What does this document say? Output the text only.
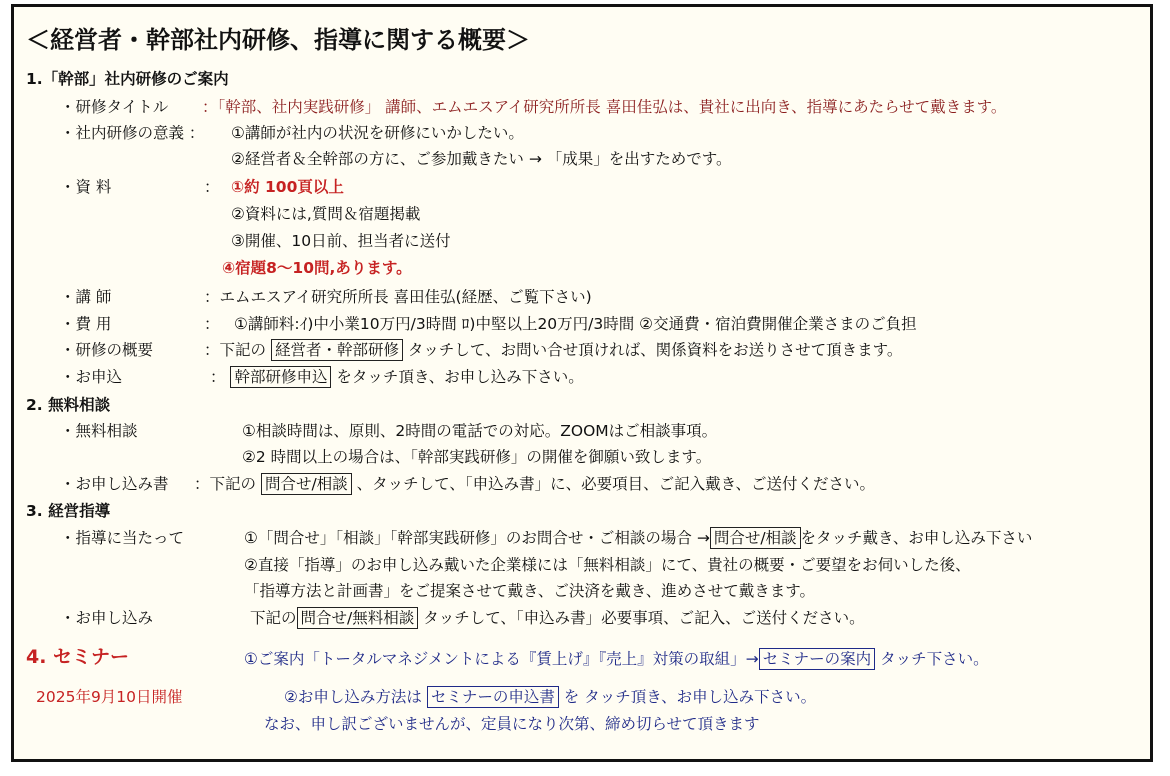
＜経営者・幹部社内研修、指導に関する概要＞
1.「幹部」社内研修のご案内
・研修タイトル ：「幹部、社内実践研修」 講師、エムエスアイ研究所所長 喜田佳弘は、貴社に出向き、指導にあたらせて戴きます。
・社内研修の意義 ： ①講師が社内の状況を研修にいかしたい。
②経営者＆全幹部の方に、ご参加戴きたい → 「成果」を出すためです。
・資 料	： ①約 100頁以上
②資料には,質問＆宿題掲載
③開催、10日前、担当者に送付
④宿題8～10問,あります。
・講 師	：エムエスアイ研究所所長 喜田佳弘(経歴、ご覧下さい)
・費 用	： ①講師料:ｲ)中小業10万円/3時間 ﾛ)中堅以上20万円/3時間 ②交通費・宿泊費開催企業さまのご負担
・研修の概要	：下記の 経営者・幹部研修 タッチして、お問い合せ頂ければ、関係資料をお送りさせて頂きます。
・お申込	： 幹部研修申込 をタッチ頂き、お申し込み下さい。
2. 無料相談
・無料相談	①相談時間は、原則、2時間の電話での対応。ZOOMはご相談事項。
②2 時間以上の場合は、「幹部実践研修」の開催を御願い致します。
・お申し込み書 ：下記の 問合せ/相談 、タッチして、「申込み書」に、必要項目、ご記入戴き、ご送付ください。
3. 経営指導
・指導に当たって	①「問合せ」「相談」「幹部実践研修」のお問合せ・ご相談の場合 → 問合せ/相談 をタッチ戴き、お申し込み下さい
②直接「指導」のお申し込み戴いた企業様には「無料相談」にて、貴社の概要・ご要望をお伺いした後、
「指導方法と計画書」をご提案させて戴き、ご決済を戴き、進めさせて戴きます。
・お申し込み	下記の 問合せ/無料相談 タッチして、「申込み書」必要事項、ご記入、ご送付ください。
4. セミナー	①ご案内「トータルマネジメントによる『賃上げ』『売上』対策の取組」→ セミナーの案内 タッチ下さい。
2025年9月10日開催	②お申し込み方法は セミナーの申込書 を タッチ頂き、お申し込み下さい。
なお、申し訳ございませんが、定員になり次第、締め切らせて頂きます
